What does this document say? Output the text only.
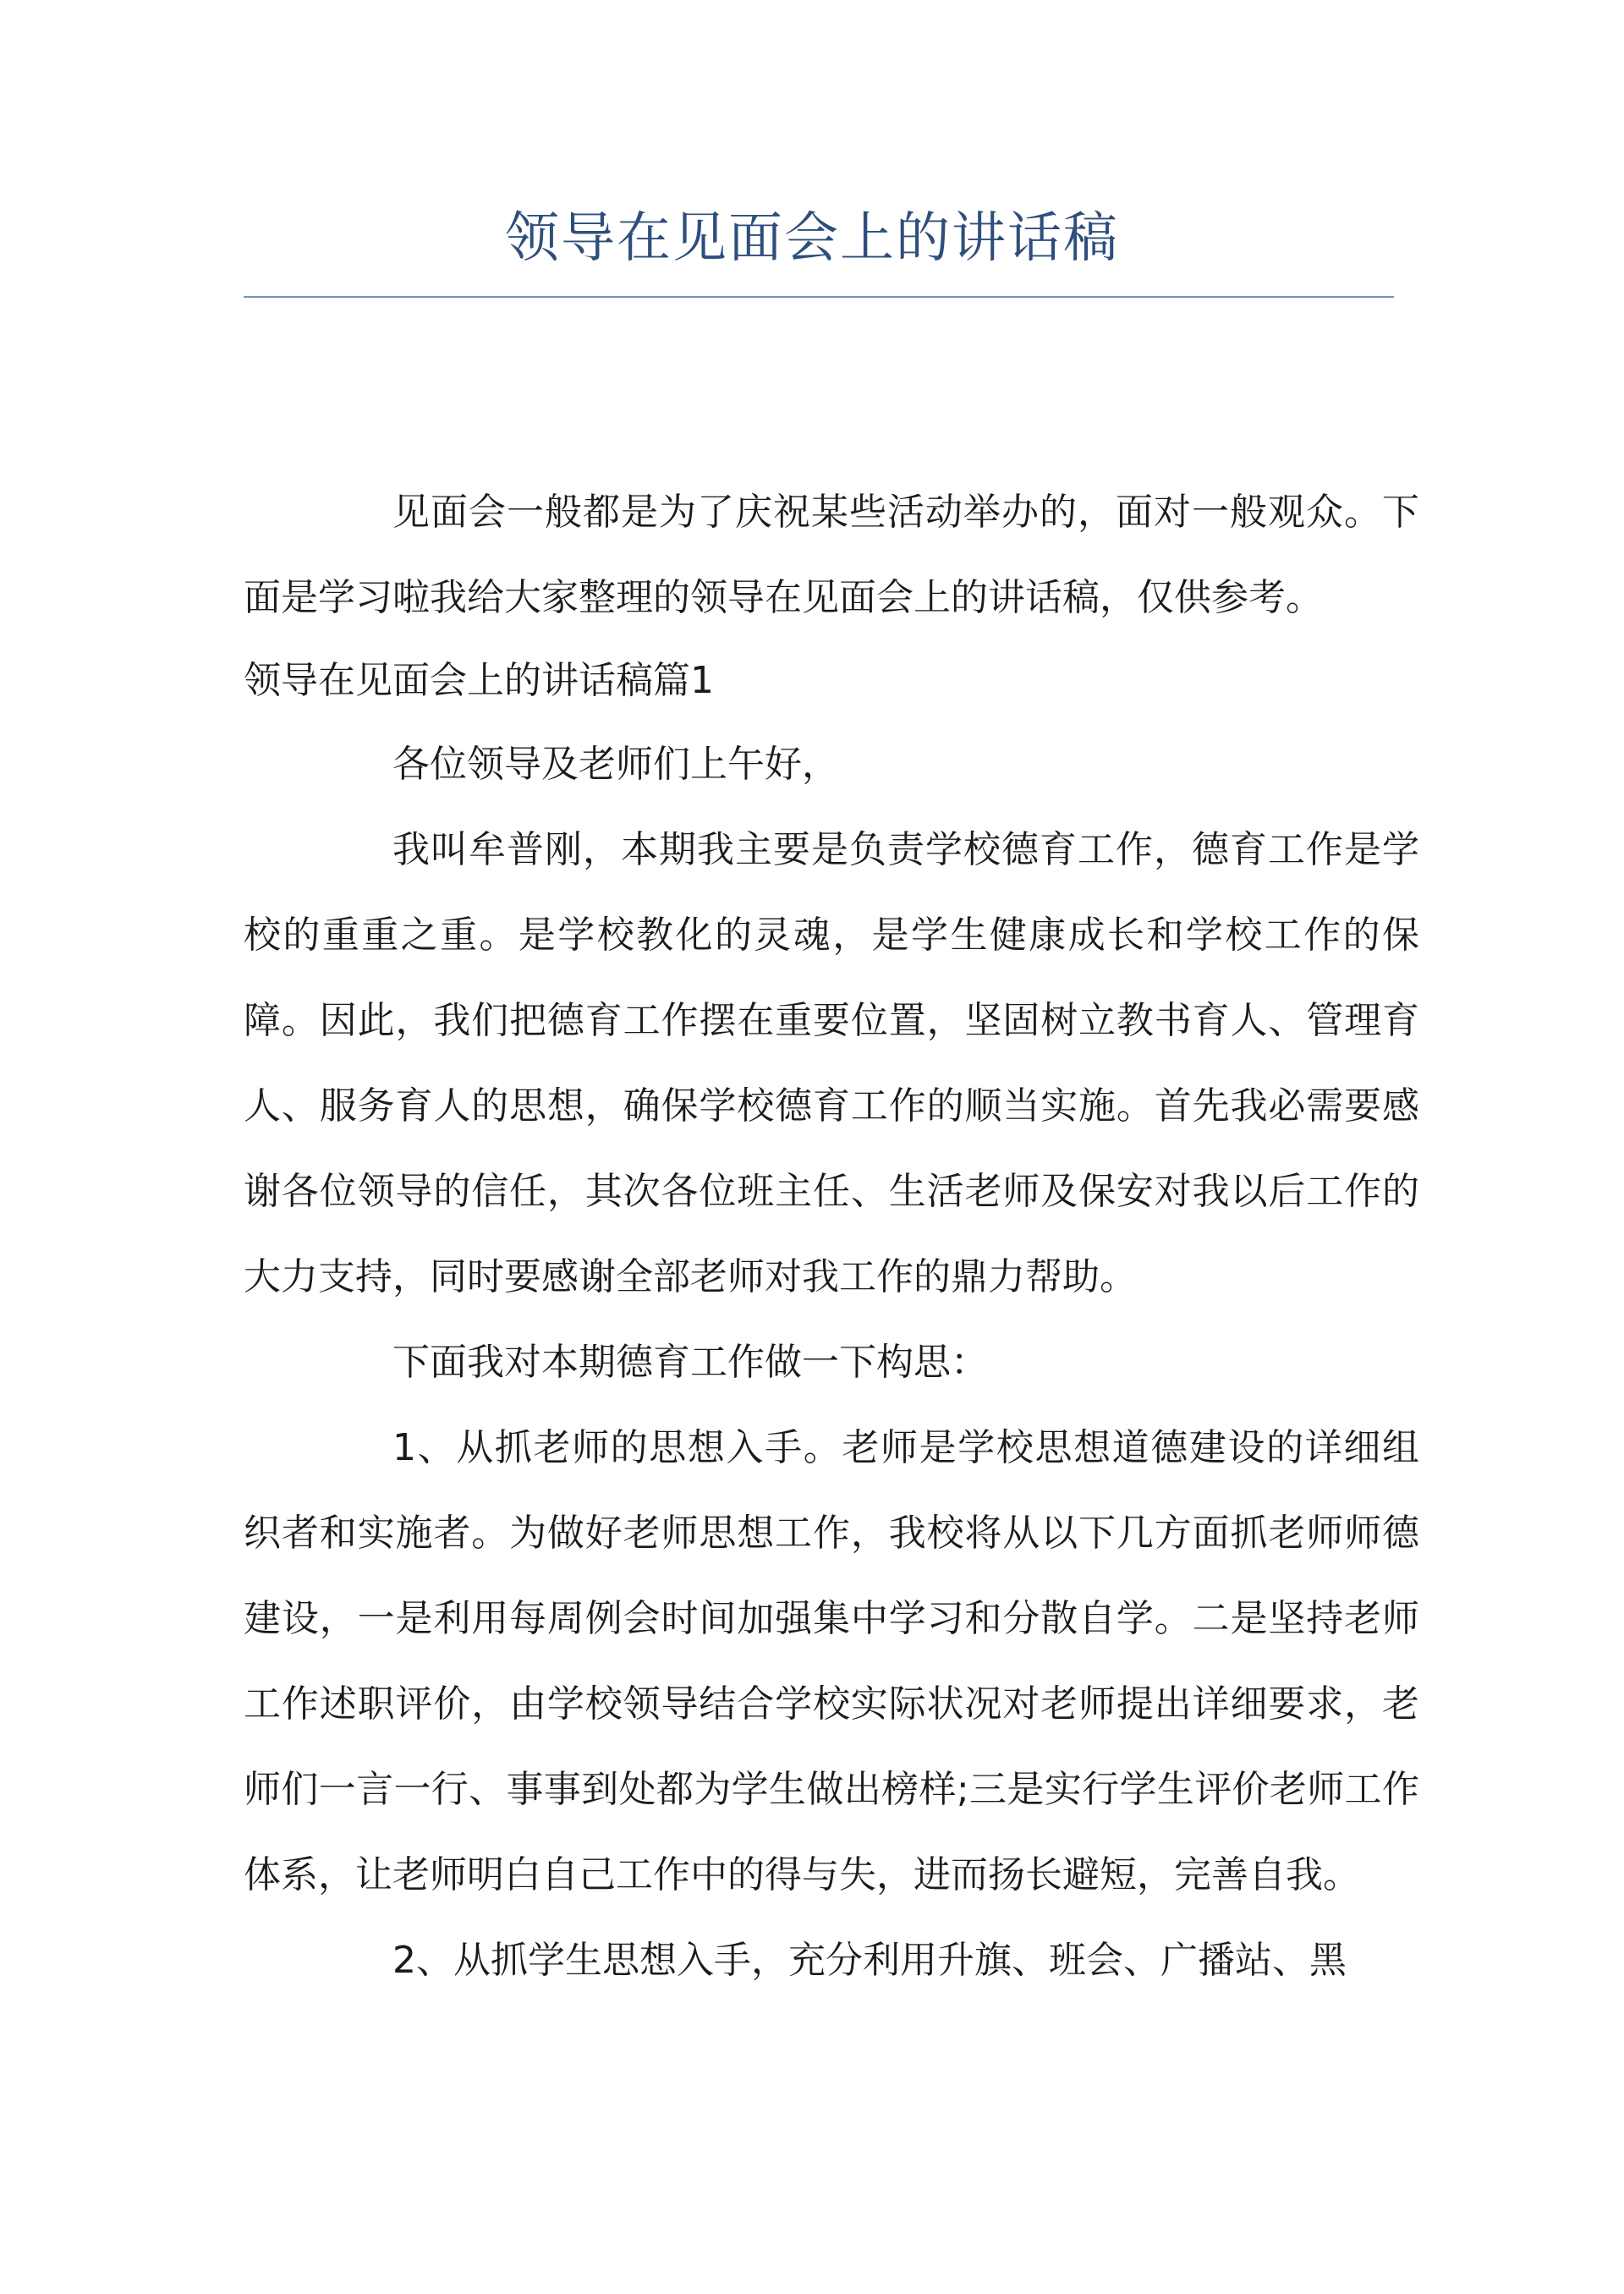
领导在见面会上的讲话稿

见面会一般都是为了庆祝某些活动举办的，面对一般观众。下面是学习啦我给大家整理的领导在见面会上的讲话稿，仅供参考。

领导在见面会上的讲话稿篇1

各位领导及老师们上午好，

我叫牟普刚，本期我主要是负责学校德育工作，德育工作是学校的重重之重。是学校教化的灵魂，是学生健康成长和学校工作的保障。因此，我们把德育工作摆在重要位置，坚固树立教书育人、管理育人、服务育人的思想，确保学校德育工作的顺当实施。首先我必需要感谢各位领导的信任，其次各位班主任、生活老师及保安对我以后工作的大力支持，同时要感谢全部老师对我工作的鼎力帮助。

下面我对本期德育工作做一下构思：

1、从抓老师的思想入手。老师是学校思想道德建设的详细组织者和实施者。为做好老师思想工作，我校将从以下几方面抓老师师德建设，一是利用每周例会时间加强集中学习和分散自学。二是坚持老师工作述职评价，由学校领导结合学校实际状况对老师提出详细要求，老师们一言一行、事事到处都为学生做出榜样;三是实行学生评价老师工作体系，让老师明白自己工作中的得与失，进而扬长避短，完善自我。

2、从抓学生思想入手，充分利用升旗、班会、广播站、黑
